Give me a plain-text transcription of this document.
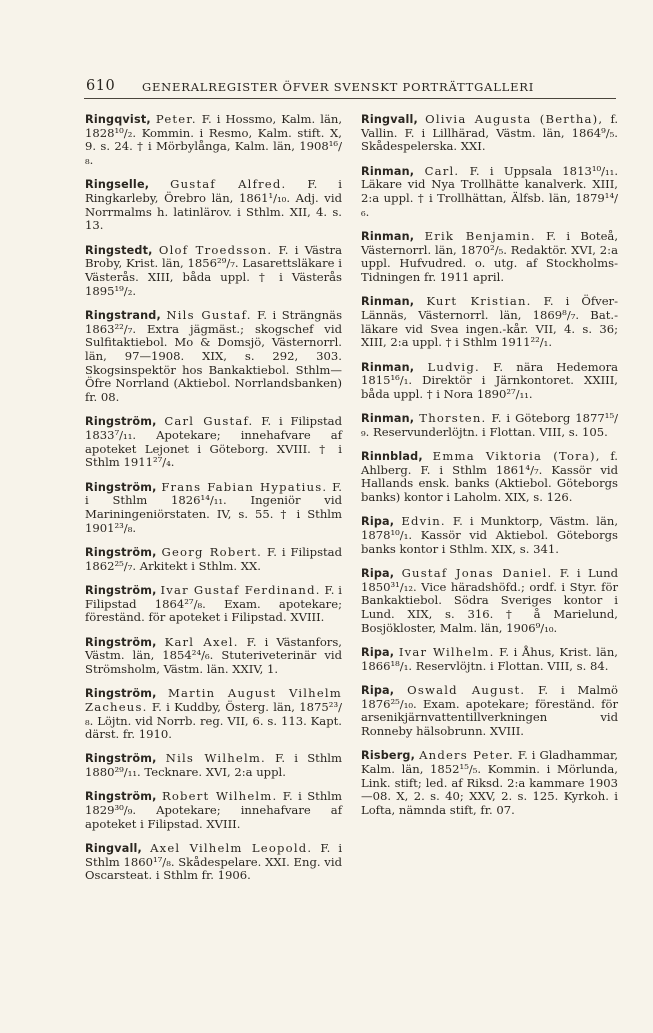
610 GENERALREGISTER ÖFVER SVENSKT PORTRÄTTGALLERI

Ringqvist, Peter. F. i Hossmo, Kalm. län, 1828¹⁰/₂. Kommin. i Resmo, Kalm. stift. X, 9. s. 24. † i Mörbylånga, Kalm. län, 1908¹⁶/₈.

Ringselle, Gustaf Alfred. F. i Ringkarleby, Örebro län, 1861¹/₁₀. Adj. vid Norrmalms h. latinlärov. i Sthlm. XII, 4. s. 13.

Ringstedt, Olof Troedsson. F. i Västra Broby, Krist. län, 1856²⁹/₇. Lasarettsläkare i Västerås. XIII, båda uppl. † i Västerås 1895¹⁹/₂.

Ringstrand, Nils Gustaf. F. i Strängnäs 1863²²/₇. Extra jägmäst.; skogschef vid Sulfitaktiebol. Mo & Domsjö, Västernorrl. län, 97—1908. XIX, s. 292, 303. Skogsinspektör hos Bankaktiebol. Sthlm—Öfre Norrland (Aktiebol. Norrlandsbanken) fr. 08.

Ringström, Carl Gustaf. F. i Filipstad 1833⁷/₁₁. Apotekare; innehafvare af apoteket Lejonet i Göteborg. XVIII. † i Sthlm 1911²⁷/₄.

Ringström, Frans Fabian Hypatius. F. i Sthlm 1826¹⁴/₁₁. Ingeniör vid Mariningeniörstaten. IV, s. 55. † i Sthlm 1901²³/₈.

Ringström, Georg Robert. F. i Filipstad 1862²⁵/₇. Arkitekt i Sthlm. XX.

Ringström, Ivar Gustaf Ferdinand. F. i Filipstad 1864²⁷/₈. Exam. apotekare; föreständ. för apoteket i Filipstad. XVIII.

Ringström, Karl Axel. F. i Västanfors, Västm. län, 1854²⁴/₆. Stuteriveterinär vid Strömsholm, Västm. län. XXIV, 1.

Ringström, Martin August Vilhelm Zacheus. F. i Kuddby, Österg. län, 1875²³/₈. Löjtn. vid Norrb. reg. VII, 6. s. 113. Kapt. därst. fr. 1910.

Ringström, Nils Wilhelm. F. i Sthlm 1880²⁹/₁₁. Tecknare. XVI, 2:a uppl.

Ringström, Robert Wilhelm. F. i Sthlm 1829³⁰/₉. Apotekare; innehafvare af apoteket i Filipstad. XVIII.

Ringvall, Axel Vilhelm Leopold. F. i Sthlm 1860¹⁷/₈. Skådespelare. XXI. Eng. vid Oscarsteat. i Sthlm fr. 1906.

Ringvall, Olivia Augusta (Bertha), f. Vallin. F. i Lillhärad, Västm. län, 1864⁹/₅. Skådespelerska. XXI.

Rinman, Carl. F. i Uppsala 1813¹⁰/₁₁. Läkare vid Nya Trollhätte kanalverk. XIII, 2:a uppl. † i Trollhättan, Älfsb. län, 1879¹⁴/₆.

Rinman, Erik Benjamin. F. i Boteå, Västernorrl. län, 1870²/₅. Redaktör. XVI, 2:a uppl. Hufvudred. o. utg. af Stockholms-Tidningen fr. 1911 april.

Rinman, Kurt Kristian. F. i Öfver-Lännäs, Västernorrl. län, 1869⁸/₇. Bat.-läkare vid Svea ingen.-kår. VII, 4. s. 36; XIII, 2:a uppl. † i Sthlm 1911²²/₁.

Rinman, Ludvig. F. nära Hedemora 1815¹⁶/₁. Direktör i Järnkontoret. XXIII, båda uppl. † i Nora 1890²⁷/₁₁.

Rinman, Thorsten. F. i Göteborg 1877¹⁵/₉. Reservunderlöjtn. i Flottan. VIII, s. 105.

Rinnblad, Emma Viktoria (Tora), f. Ahlberg. F. i Sthlm 1861⁴/₇. Kassör vid Hallands ensk. banks (Aktiebol. Göteborgs banks) kontor i Laholm. XIX, s. 126.

Ripa, Edvin. F. i Munktorp, Västm. län, 1878¹⁰/₁. Kassör vid Aktiebol. Göteborgs banks kontor i Sthlm. XIX, s. 341.

Ripa, Gustaf Jonas Daniel. F. i Lund 1850³¹/₁₂. Vice häradshöfd.; ordf. i Styr. för Bankaktiebol. Södra Sveriges kontor i Lund. XIX, s. 316. † å Marielund, Bosjökloster, Malm. län, 1906⁹/₁₀.

Ripa, Ivar Wilhelm. F. i Åhus, Krist. län, 1866¹⁸/₁. Reservlöjtn. i Flottan. VIII, s. 84.

Ripa, Oswald August. F. i Malmö 1876²⁵/₁₀. Exam. apotekare; föreständ. för arsenikjärnvattentillverkningen vid Ronneby hälsobrunn. XVIII.

Risberg, Anders Peter. F. i Gladhammar, Kalm. län, 1852¹⁵/₅. Kommin. i Mörlunda, Link. stift; led. af Riksd. 2:a kammare 1903—08. X, 2. s. 40; XXV, 2. s. 125. Kyrkoh. i Lofta, nämnda stift, fr. 07.
